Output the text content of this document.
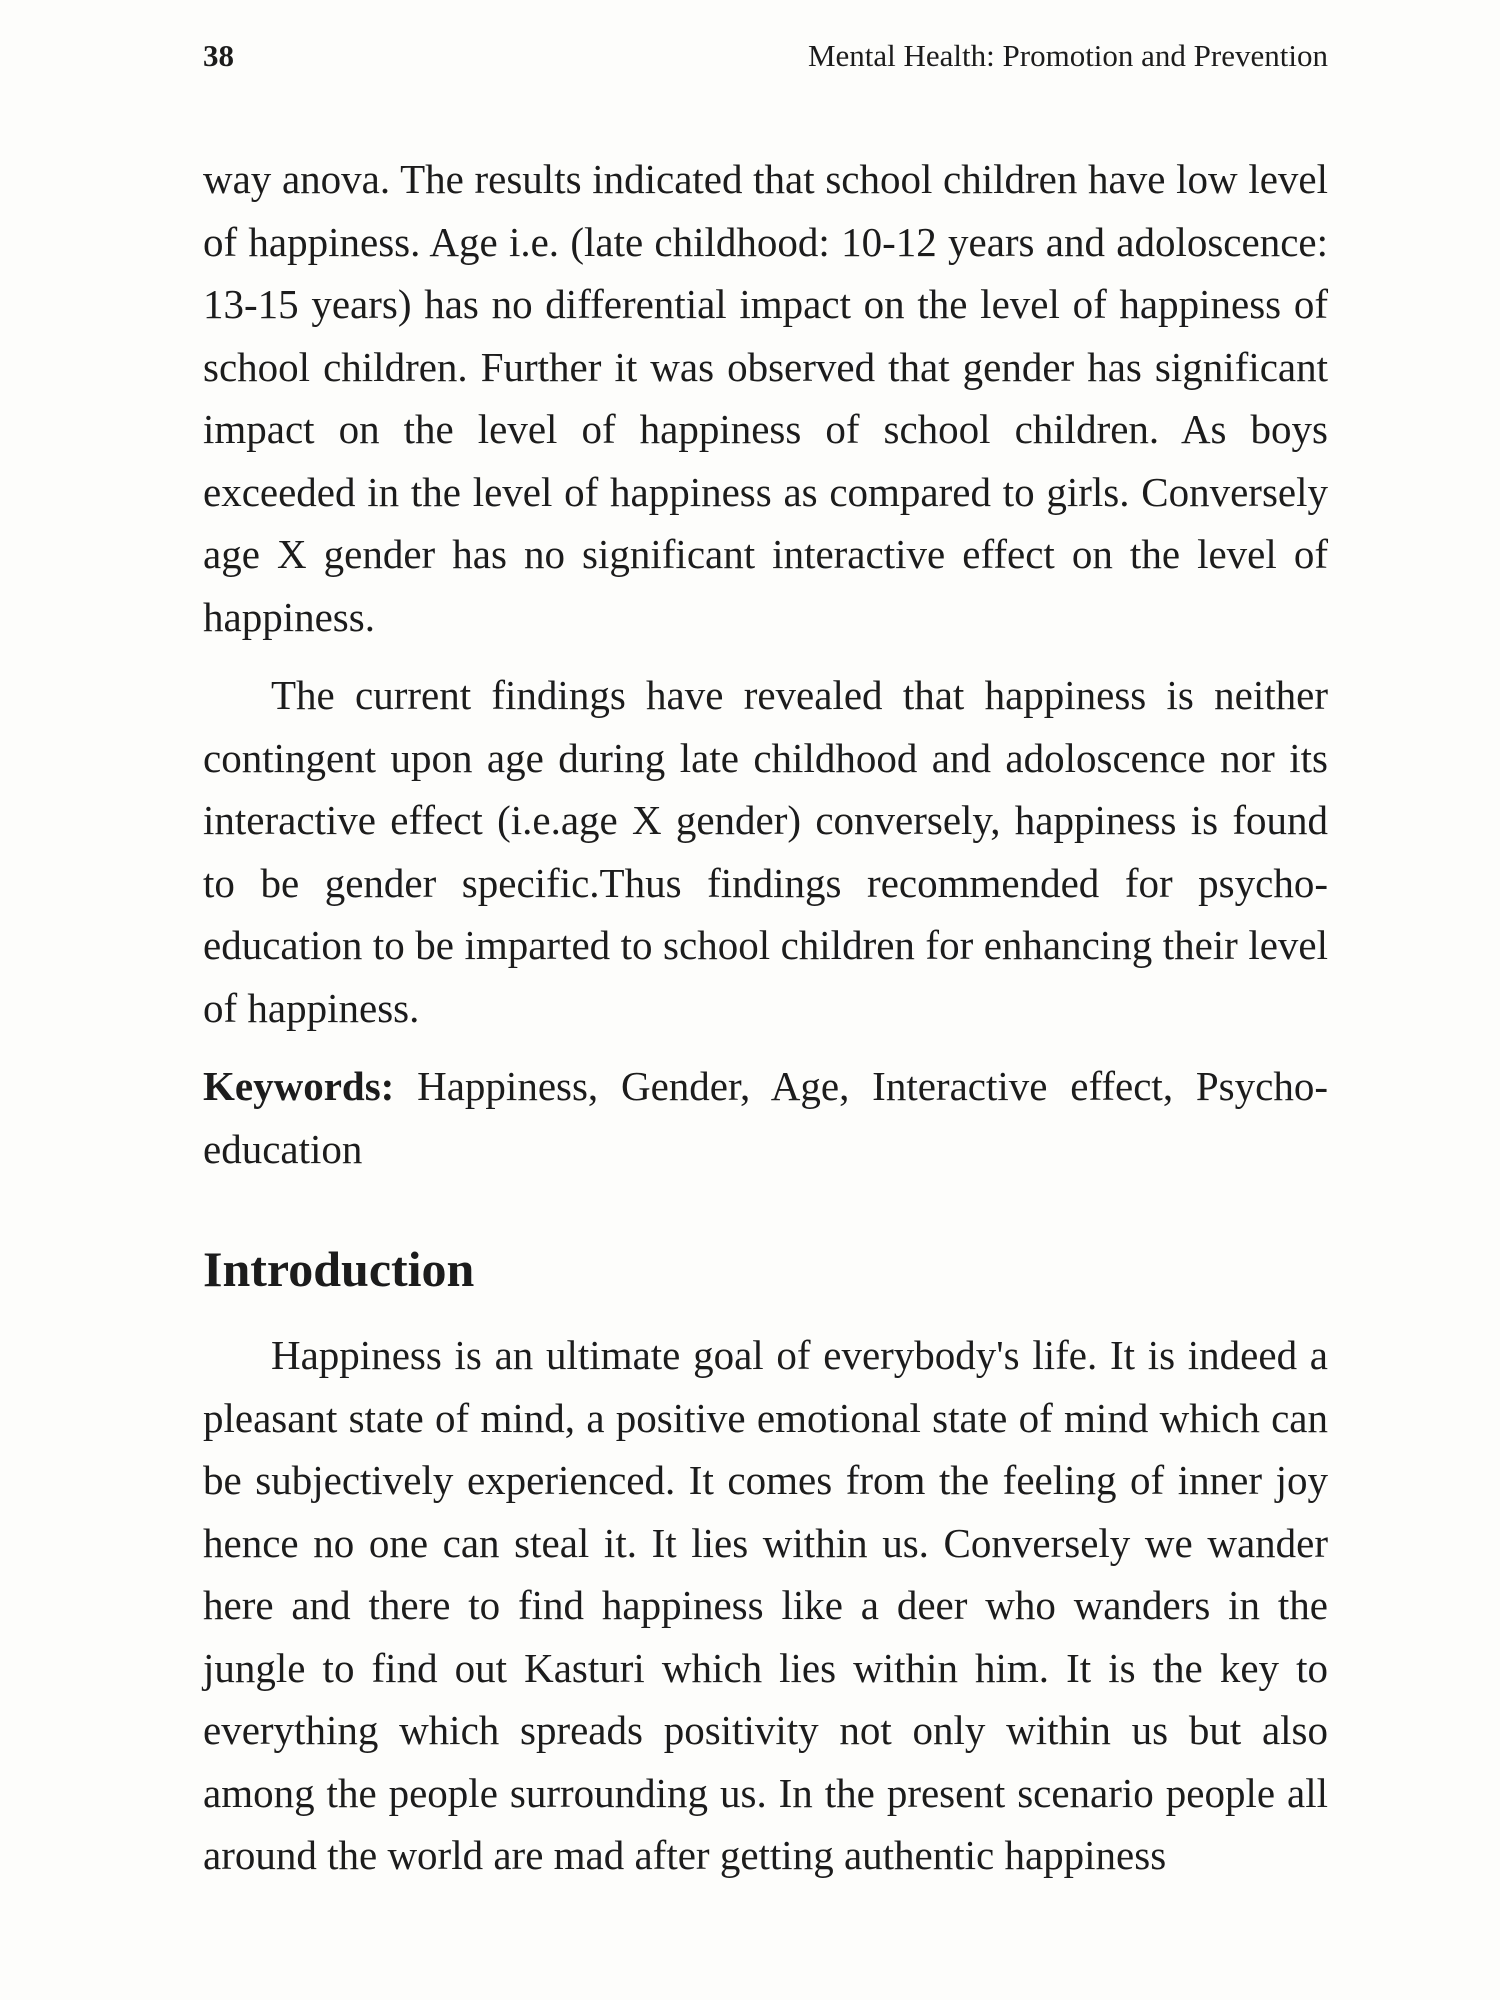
38	Mental Health: Promotion and Prevention

way anova. The results indicated that school children have low level of happiness. Age i.e. (late childhood: 10-12 years and adoloscence: 13-15 years) has no differential impact on the level of happiness of school children. Further it was observed that gender has significant impact on the level of happiness of school children. As boys exceeded in the level of happiness as compared to girls. Conversely age X gender has no significant interactive effect on the level of happiness.

The current findings have revealed that happiness is neither contingent upon age during late childhood and adoloscence nor its interactive effect (i.e.age X gender) conversely, happiness is found to be gender specific.Thus findings recommended for psycho-education to be imparted to school children for enhancing their level of happiness.

Keywords: Happiness, Gender, Age, Interactive effect, Psycho-education

Introduction

Happiness is an ultimate goal of everybody's life. It is indeed a pleasant state of mind, a positive emotional state of mind which can be subjectively experienced. It comes from the feeling of inner joy hence no one can steal it. It lies within us. Conversely we wander here and there to find happiness like a deer who wanders in the jungle to find out Kasturi which lies within him. It is the key to everything which spreads positivity not only within us but also among the people surrounding us. In the present scenario people all around the world are mad after getting authentic happiness
